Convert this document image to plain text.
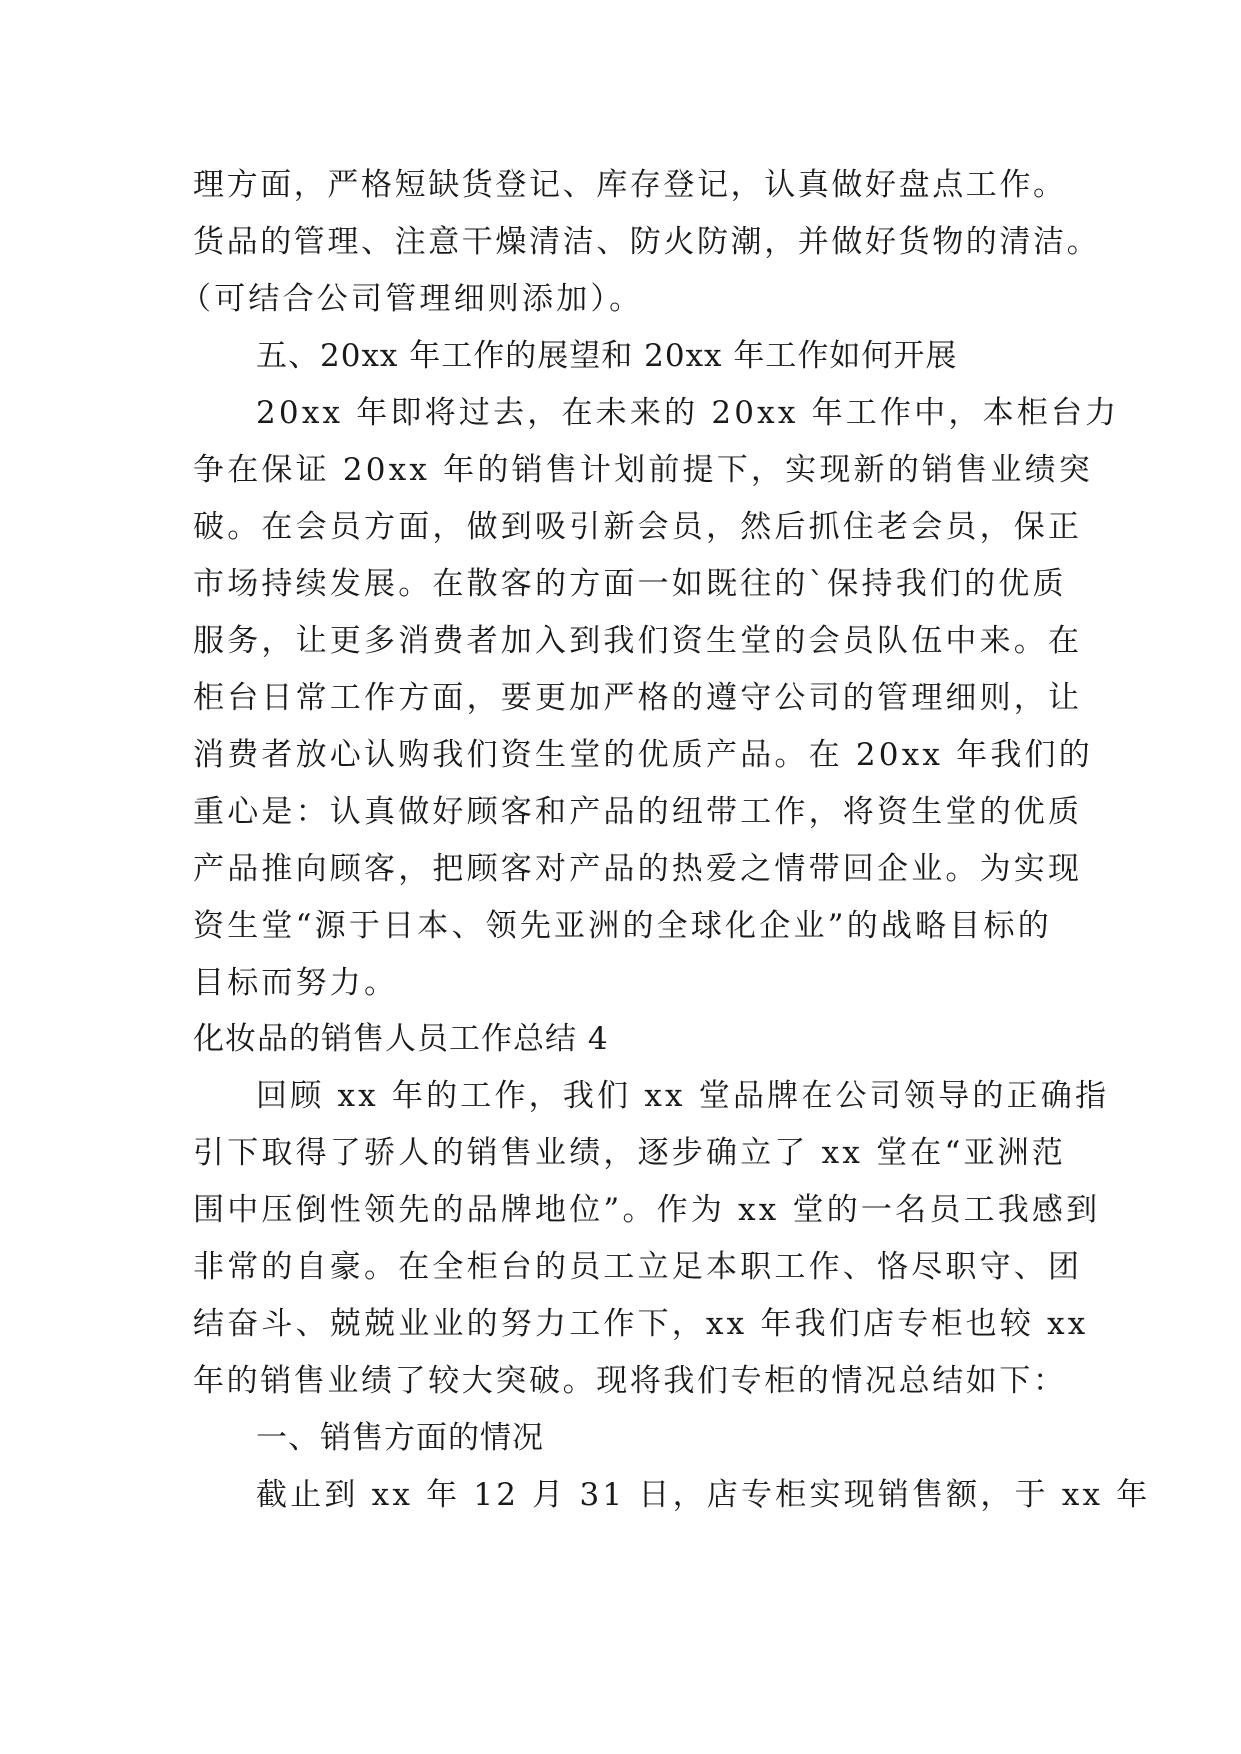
理方面，严格短缺货登记、库存登记，认真做好盘点工作。
货品的管理、注意干燥清洁、防火防潮，并做好货物的清洁。
（可结合公司管理细则添加）。
五、20xx 年工作的展望和 20xx 年工作如何开展
20xx 年即将过去，在未来的 20xx 年工作中，本柜台力
争在保证 20xx 年的销售计划前提下，实现新的销售业绩突
破。在会员方面，做到吸引新会员，然后抓住老会员，保正
市场持续发展。在散客的方面一如既往的`保持我们的优质
服务，让更多消费者加入到我们资生堂的会员队伍中来。在
柜台日常工作方面，要更加严格的遵守公司的管理细则，让
消费者放心认购我们资生堂的优质产品。在 20xx 年我们的
重心是：认真做好顾客和产品的纽带工作，将资生堂的优质
产品推向顾客，把顾客对产品的热爱之情带回企业。为实现
资生堂“源于日本、领先亚洲的全球化企业”的战略目标的
目标而努力。
化妆品的销售人员工作总结 4
回顾 xx 年的工作，我们 xx 堂品牌在公司领导的正确指
引下取得了骄人的销售业绩，逐步确立了 xx 堂在“亚洲范
围中压倒性领先的品牌地位”。作为 xx 堂的一名员工我感到
非常的自豪。在全柜台的员工立足本职工作、恪尽职守、团
结奋斗、兢兢业业的努力工作下，xx 年我们店专柜也较 xx
年的销售业绩了较大突破。现将我们专柜的情况总结如下：
一、销售方面的情况
截止到 xx 年 12 月 31 日，店专柜实现销售额，于 xx 年
